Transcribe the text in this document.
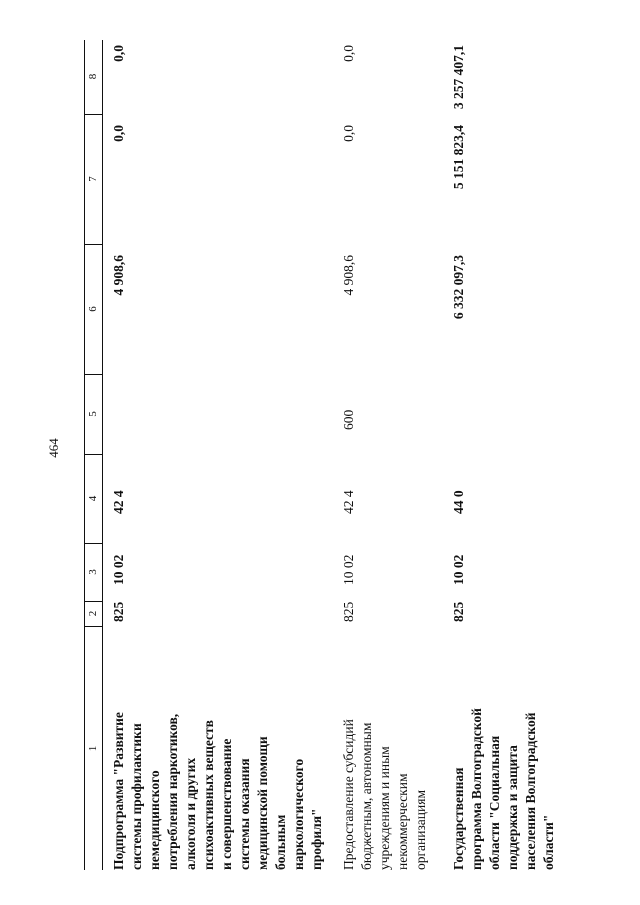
464
1
2
3
4
5
6
7
8
Подпрограмма "Развитие системы профилактики немедицинского потребления наркотиков, алкоголя и других психоактивных веществ и совершенствование системы оказания медицинской помощи больным наркологического профиля"
825
10 02
42 4
4 908,6
0,0
0,0
Предоставление субсидий бюджетным, автономным учреждениям и иным некоммерческим организациям
825
10 02
42 4
600
4 908,6
0,0
0,0
Государственная программа Волгоградской области "Социальная поддержка и защита населения Волгоградской области"
825
10 02
44 0
6 332 097,3
5 151 823,4
3 257 407,1
